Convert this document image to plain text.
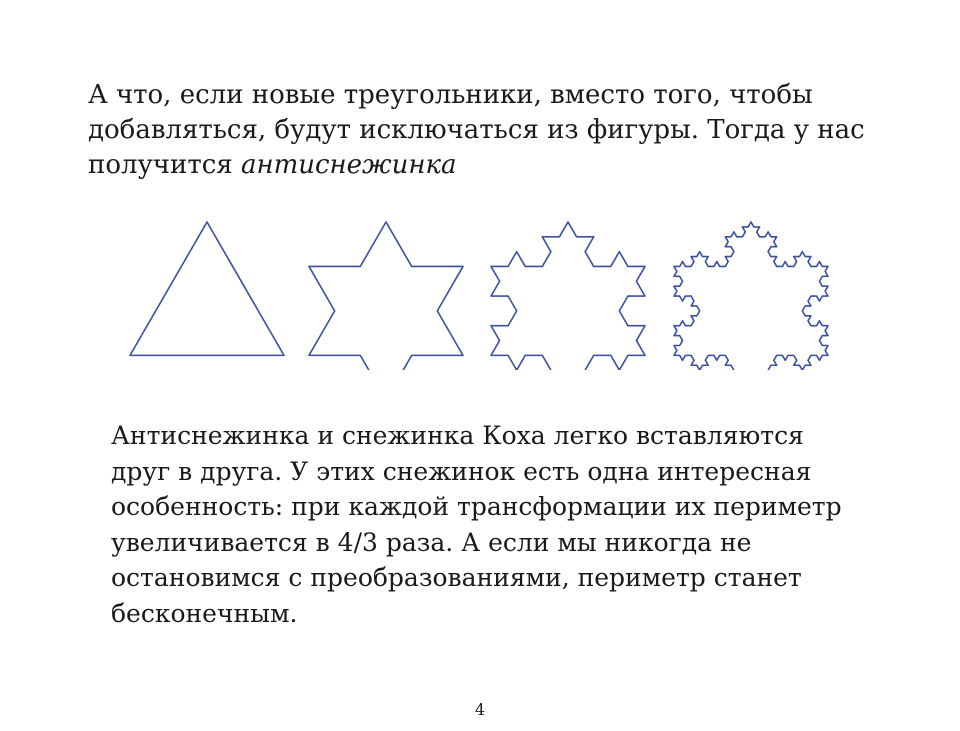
А что, если новые треугольники, вместо того, чтобы добавляться, будут исключаться из фигуры. Тогда у нас получится антиснежинка

Антиснежинка и снежинка Коха легко вставляются
друг в друга. У этих снежинок есть одна интересная
особенность: при каждой трансформации их периметр
увеличивается в 4/3 раза. А если мы никогда не
остановимся с преобразованиями, периметр станет
бесконечным.

4
